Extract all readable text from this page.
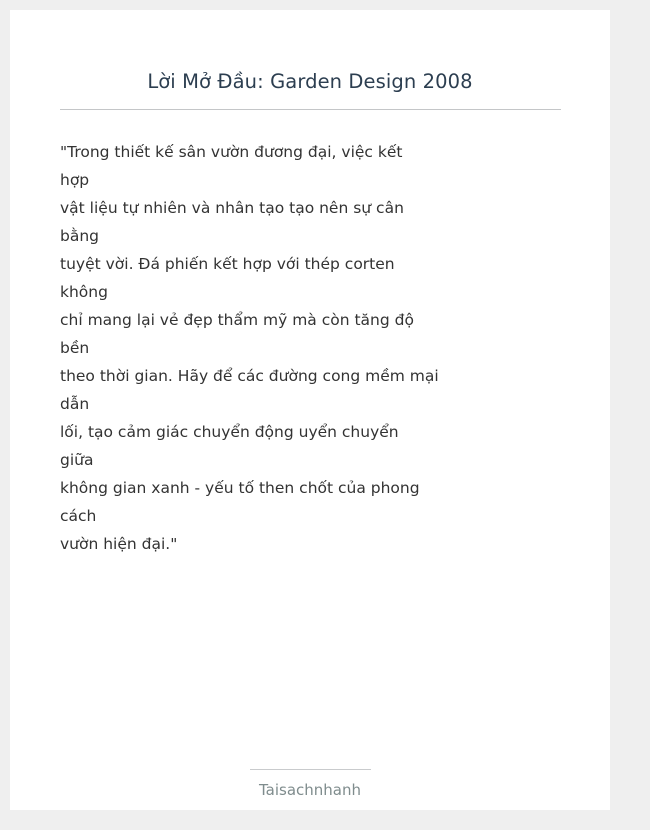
Lời Mở Đầu: Garden Design 2008
"Trong thiết kế sân vườn đương đại, việc kết
hợp
vật liệu tự nhiên và nhân tạo tạo nên sự cân
bằng
tuyệt vời. Đá phiến kết hợp với thép corten
không
chỉ mang lại vẻ đẹp thẩm mỹ mà còn tăng độ
bền
theo thời gian. Hãy để các đường cong mềm mại
dẫn
lối, tạo cảm giác chuyển động uyển chuyển
giữa
không gian xanh - yếu tố then chốt của phong
cách
vườn hiện đại."
Taisachnhanh
